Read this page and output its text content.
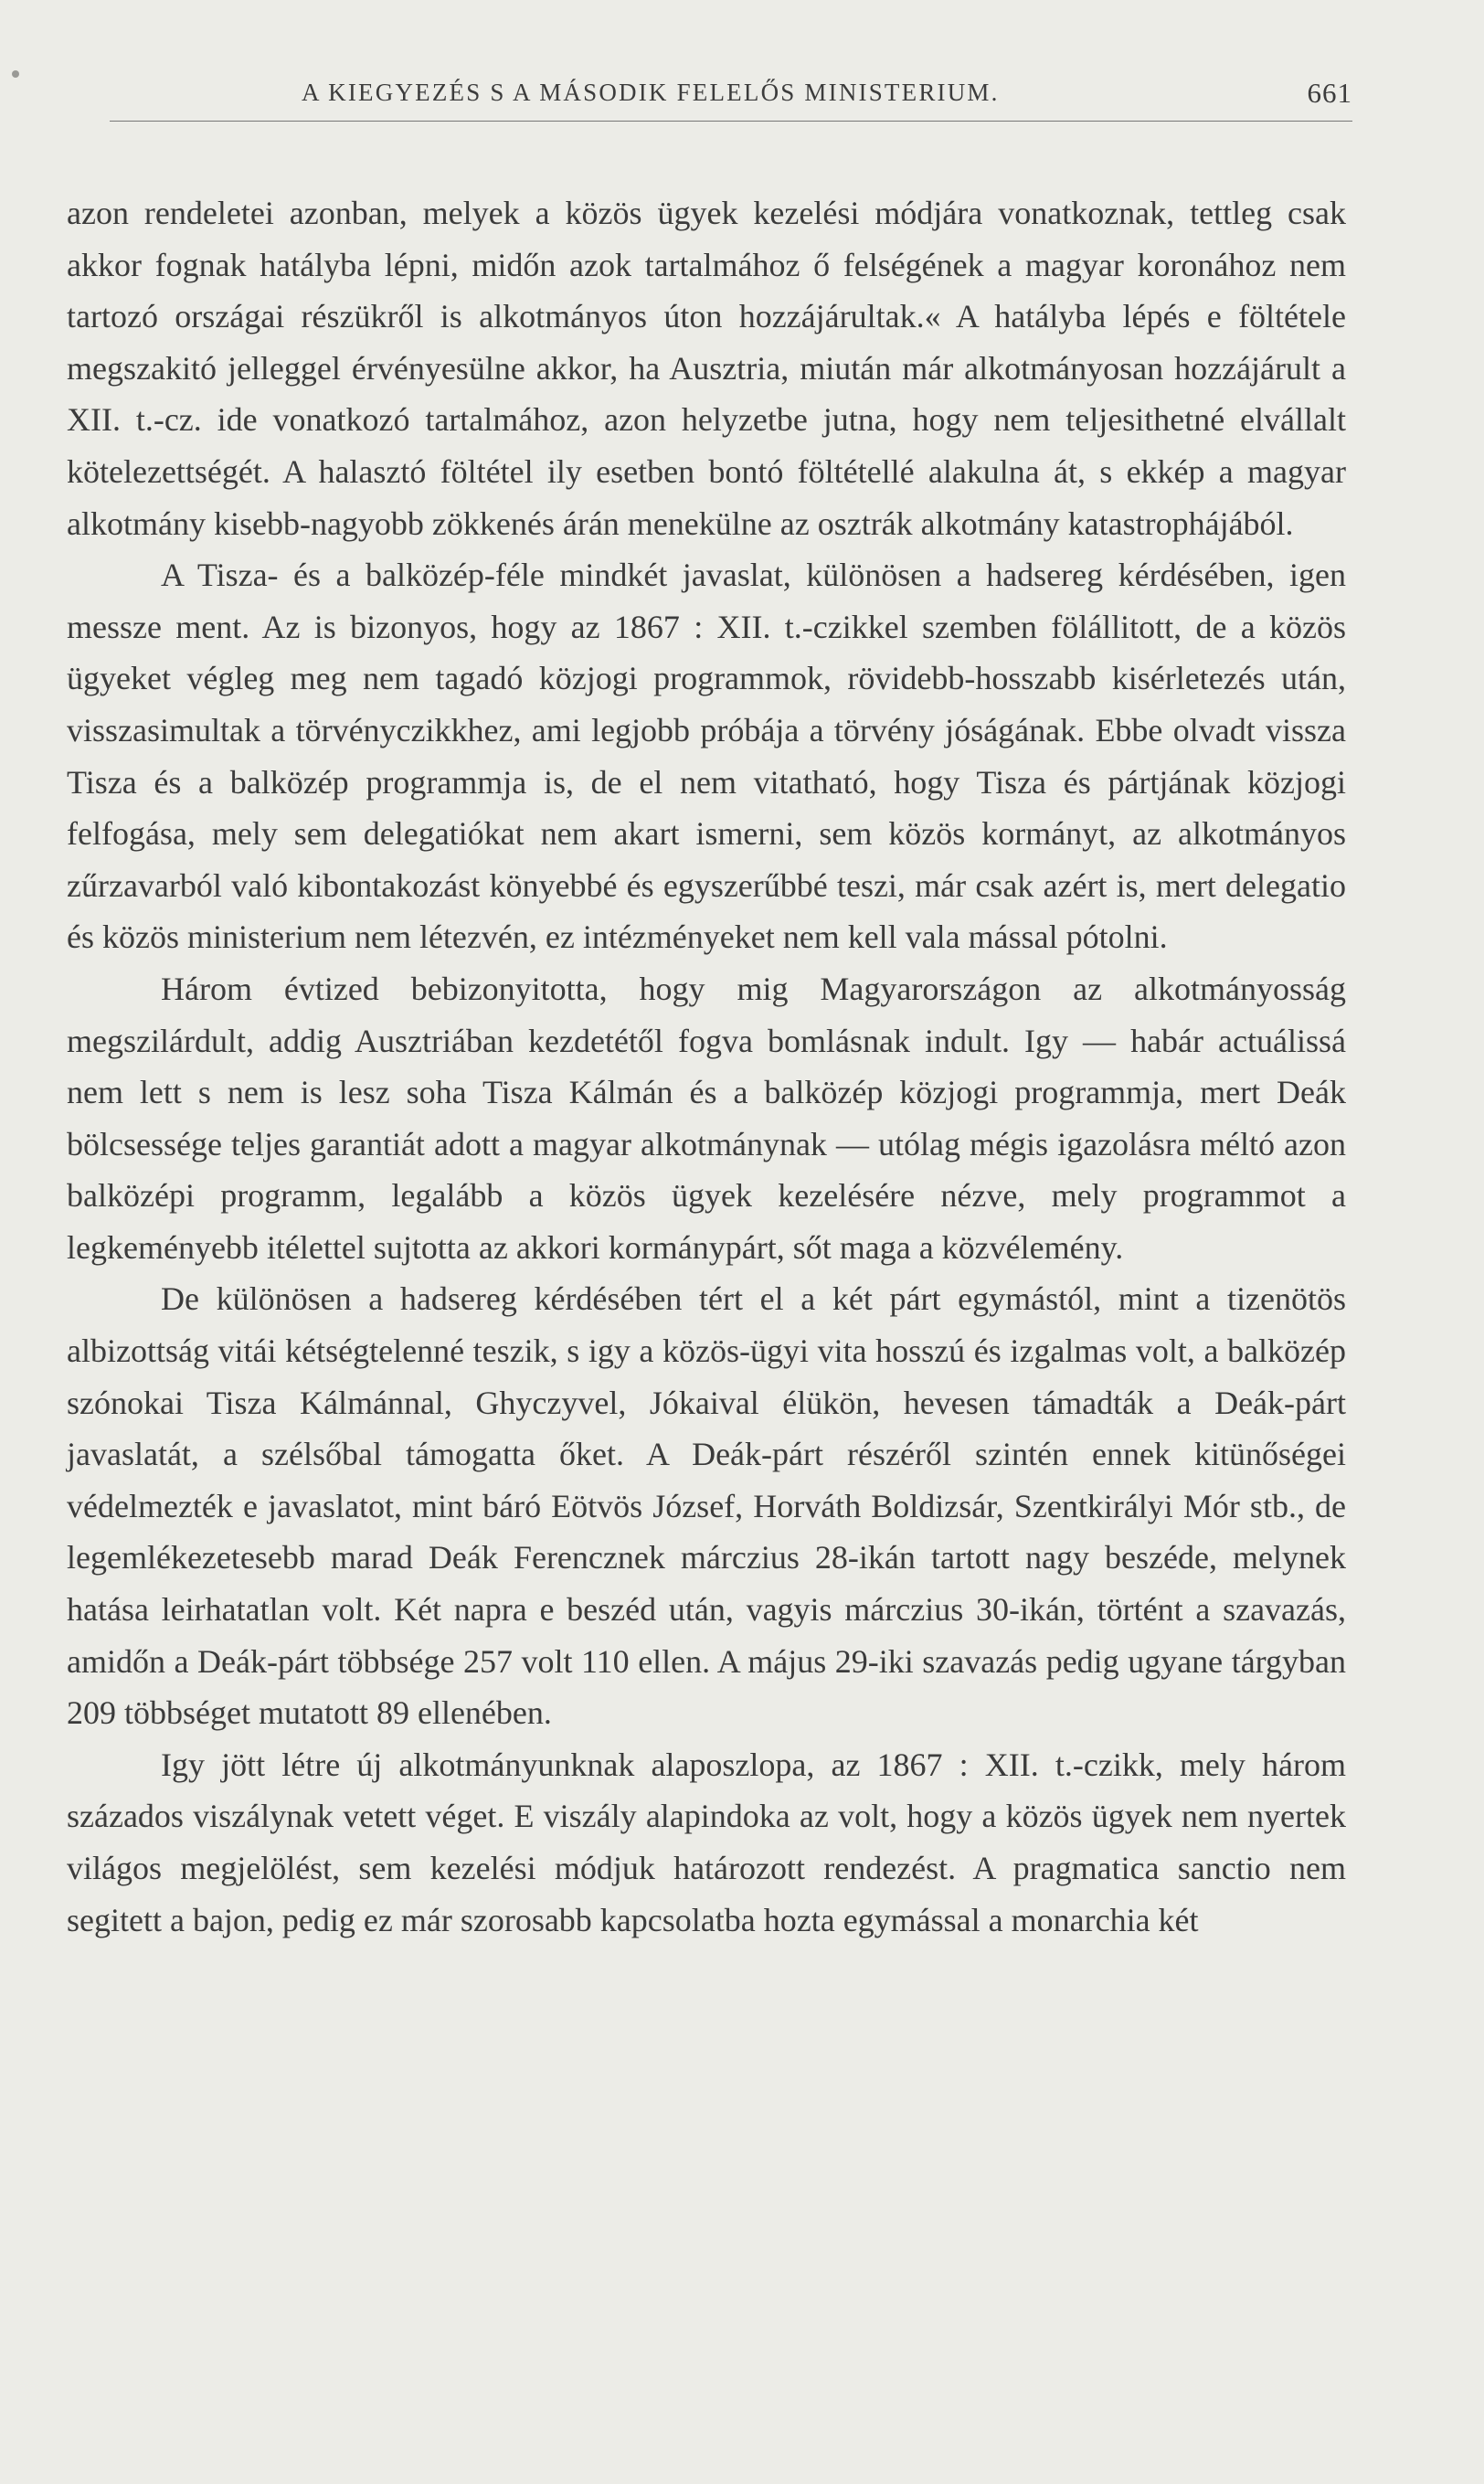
A KIEGYEZÉS S A MÁSODIK FELELŐS MINISTERIUM.	661

azon rendeletei azonban, melyek a közös ügyek kezelési módjára vonatkoznak, tettleg csak akkor fognak hatályba lépni, midőn azok tartalmához ő felségének a magyar koronához nem tartozó országai részükről is alkotmányos úton hozzájárultak.« A hatályba lépés e föltétele megszakitó jelleggel érvényesülne akkor, ha Ausztria, miután már alkotmányosan hozzájárult a XII. t.-cz. ide vonatkozó tartalmához, azon helyzetbe jutna, hogy nem teljesithetné elvállalt kötelezettségét. A halasztó föltétel ily esetben bontó föltétellé alakulna át, s ekkép a magyar alkotmány kisebb-nagyobb zökkenés árán menekülne az osztrák alkotmány katastrophájából.

A Tisza- és a balközép-féle mindkét javaslat, különösen a hadsereg kérdésében, igen messze ment. Az is bizonyos, hogy az 1867 : XII. t.-czikkel szemben fölállitott, de a közös ügyeket végleg meg nem tagadó közjogi programmok, rövidebb-hosszabb kisérletezés után, visszasimultak a törvényczikkhez, ami legjobb próbája a törvény jóságának. Ebbe olvadt vissza Tisza és a balközép programmja is, de el nem vitatható, hogy Tisza és pártjának közjogi felfogása, mely sem delegatiókat nem akart ismerni, sem közös kormányt, az alkotmányos zűrzavarból való kibontakozást könyebbé és egyszerűbbé teszi, már csak azért is, mert delegatio és közös ministerium nem létezvén, ez intézményeket nem kell vala mással pótolni.

Három évtized bebizonyitotta, hogy mig Magyarországon az alkotmányosság megszilárdult, addig Ausztriában kezdetétől fogva bomlásnak indult. Igy — habár actuálissá nem lett s nem is lesz soha Tisza Kálmán és a balközép közjogi programmja, mert Deák bölcsessége teljes garantiát adott a magyar alkotmánynak — utólag mégis igazolásra méltó azon balközépi programm, legalább a közös ügyek kezelésére nézve, mely programmot a legkeményebb itélettel sujtotta az akkori kormánypárt, sőt maga a közvélemény.

De különösen a hadsereg kérdésében tért el a két párt egymástól, mint a tizenötös albizottság vitái kétségtelenné teszik, s igy a közös-ügyi vita hosszú és izgalmas volt, a balközép szónokai Tisza Kálmánnal, Ghyczyvel, Jókaival élükön, hevesen támadták a Deák-párt javaslatát, a szélsőbal támogatta őket. A Deák-párt részéről szintén ennek kitünőségei védelmezték e javaslatot, mint báró Eötvös József, Horváth Boldizsár, Szentkirályi Mór stb., de legemlékezetesebb marad Deák Ferencznek márczius 28-ikán tartott nagy beszéde, melynek hatása leirhatatlan volt. Két napra e beszéd után, vagyis márczius 30-ikán, történt a szavazás, amidőn a Deák-párt többsége 257 volt 110 ellen. A május 29-iki szavazás pedig ugyane tárgyban 209 többséget mutatott 89 ellenében.

Igy jött létre új alkotmányunknak alaposzlopa, az 1867 : XII. t.-czikk, mely három százados viszálynak vetett véget. E viszály alapindoka az volt, hogy a közös ügyek nem nyertek világos megjelölést, sem kezelési módjuk határozott rendezést. A pragmatica sanctio nem segitett a bajon, pedig ez már szorosabb kapcsolatba hozta egymással a monarchia két
